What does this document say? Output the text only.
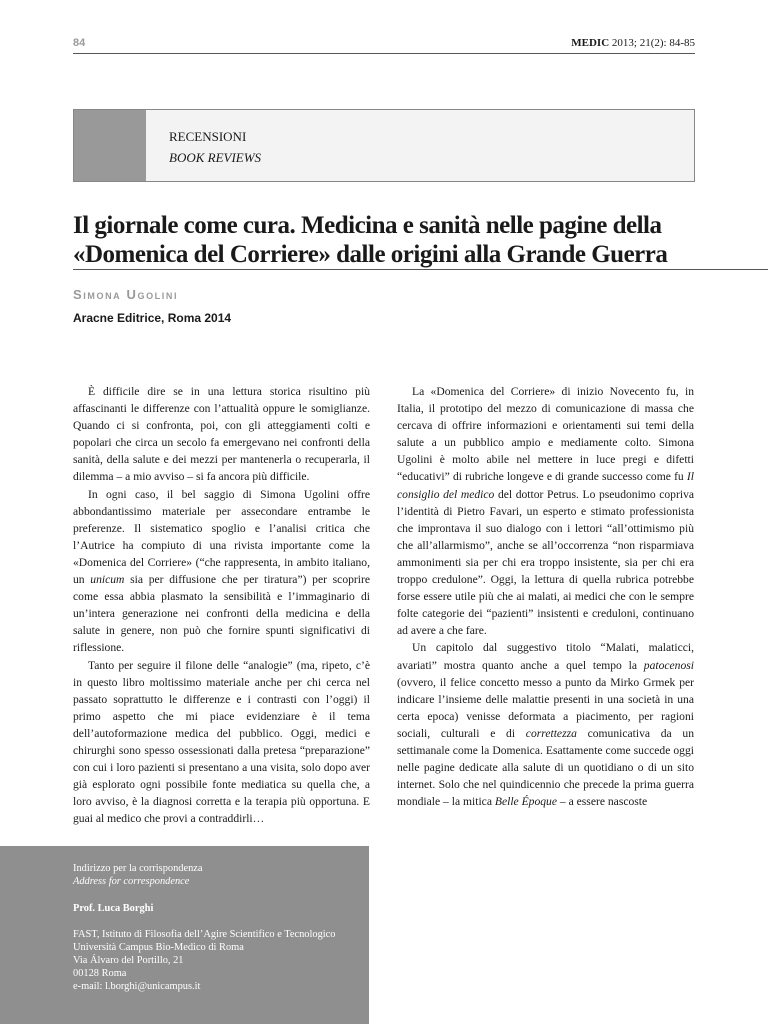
84	MEDIC 2013; 21(2): 84-85
RECENSIONI
BOOK REVIEWS
Il giornale come cura. Medicina e sanità nelle pagine della
«Domenica del Corriere» dalle origini alla Grande Guerra
Simona Ugolini
Aracne Editrice, Roma 2014

È difficile dire se in una lettura storica risultino più affascinanti le differenze con l’attualità oppure le somiglianze. Quando ci si confronta, poi, con gli atteggiamenti colti e popolari che circa un secolo fa emergevano nei confronti della sanità, della salute e dei mezzi per mantenerla o recuperarla, il dilemma – a mio avviso – si fa ancora più difficile.

In ogni caso, il bel saggio di Simona Ugolini offre abbondantissimo materiale per assecondare entrambe le preferenze. Il sistematico spoglio e l’analisi critica che l’Autrice ha compiuto di una rivista importante come la «Domenica del Corriere» (“che rappresenta, in ambito italiano, un unicum sia per diffusione che per tiratura”) per scoprire come essa abbia plasmato la sensibilità e l’immaginario di un’intera generazione nei confronti della medicina e della salute in genere, non può che fornire spunti significativi di riflessione.

Tanto per seguire il filone delle “analogie” (ma, ripeto, c’è in questo libro moltissimo materiale anche per chi cerca nel passato soprattutto le differenze e i contrasti con l’oggi) il primo aspetto che mi piace evidenziare è il tema dell’autoformazione medica del pubblico. Oggi, medici e chirurghi sono spesso ossessionati dalla pretesa “preparazione” con cui i loro pazienti si presentano a una visita, solo dopo aver già esplorato ogni possibile fonte mediatica su quella che, a loro avviso, è la diagnosi corretta e la terapia più opportuna. E guai al medico che provi a contraddirli…

La «Domenica del Corriere» di inizio Novecento fu, in Italia, il prototipo del mezzo di comunicazione di massa che cercava di offrire informazioni e orientamenti sui temi della salute a un pubblico ampio e mediamente colto. Simona Ugolini è molto abile nel mettere in luce pregi e difetti “educativi” di rubriche longeve e di grande successo come fu Il consiglio del medico del dottor Petrus. Lo pseudonimo copriva l’identità di Pietro Favari, un esperto e stimato professionista che improntava il suo dialogo con i lettori “all’ottimismo più che all’allarmismo”, anche se all’occorrenza “non risparmiava ammonimenti sia per chi era troppo insistente, sia per chi era troppo credulone”. Oggi, la lettura di quella rubrica potrebbe forse essere utile più che ai malati, ai medici che con le sempre folte categorie dei “pazienti” insistenti e creduloni, continuano ad avere a che fare.

Un capitolo dal suggestivo titolo “Malati, malaticci, avariati” mostra quanto anche a quel tempo la patocenosi (ovvero, il felice concetto messo a punto da Mirko Grmek per indicare l’insieme delle malattie presenti in una società in una certa epoca) venisse deformata a piacimento, per ragioni sociali, culturali e di correttezza comunicativa da un settimanale come la Domenica. Esattamente come succede oggi nelle pagine dedicate alla salute di un quotidiano o di un sito internet. Solo che nel quindicennio che precede la prima guerra mondiale – la mitica Belle Époque – a essere nascoste

Indirizzo per la corrispondenza
Address for correspondence
Prof. Luca Borghi
FAST, Istituto di Filosofia dell’Agire Scientifico e Tecnologico
Università Campus Bio-Medico di Roma
Via Álvaro del Portillo, 21
00128 Roma
e-mail: l.borghi@unicampus.it
